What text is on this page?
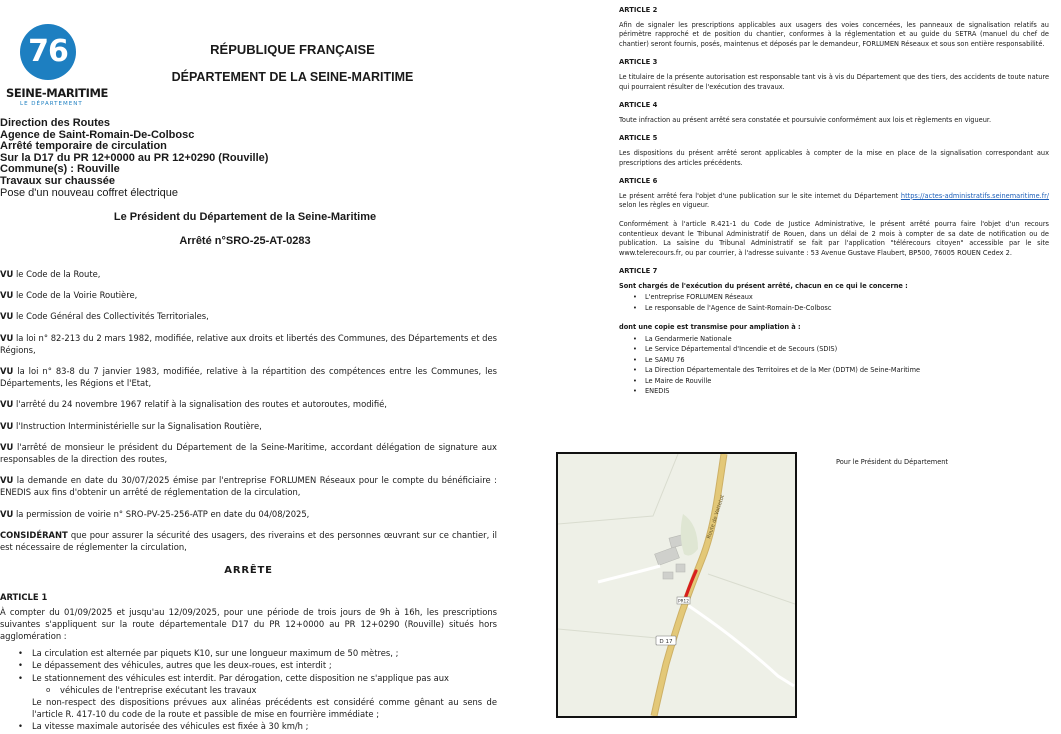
76
SEINE-MARITIME
LE DÉPARTEMENT
RÉPUBLIQUE FRANÇAISE
DÉPARTEMENT DE LA SEINE-MARITIME
Direction des Routes
Agence de Saint-Romain-De-Colbosc
Arrêté temporaire de circulation
Sur la D17 du PR 12+0000 au PR 12+0290 (Rouville)
Commune(s) : Rouville
Travaux sur chaussée
Pose d'un nouveau coffret électrique
Le Président du Département de la Seine-Maritime
Arrêté n°SRO-25-AT-0283

VU le Code de la Route,

VU le Code de la Voirie Routière,

VU le Code Général des Collectivités Territoriales,

VU la loi n° 82-213 du 2 mars 1982, modifiée, relative aux droits et libertés des Communes, des Départements et des Régions,

VU la loi n° 83-8 du 7 janvier 1983, modifiée, relative à la répartition des compétences entre les Communes, les Départements, les Régions et l'Etat,

VU l'arrêté du 24 novembre 1967 relatif à la signalisation des routes et autoroutes, modifié,

VU l'Instruction Interministérielle sur la Signalisation Routière,

VU l'arrêté de monsieur le président du Département de la Seine-Maritime, accordant délégation de signature aux responsables de la direction des routes,

VU la demande en date du 30/07/2025 émise par l'entreprise FORLUMEN Réseaux pour le compte du bénéficiaire : ENEDIS aux fins d'obtenir un arrêté de réglementation de la circulation,

VU la permission de voirie n° SRO-PV-25-256-ATP en date du 04/08/2025,

CONSIDÉRANT que pour assurer la sécurité des usagers, des riverains et des personnes œuvrant sur ce chantier, il est nécessaire de réglementer la circulation,

ARRÊTE
ARTICLE 1

À compter du 01/09/2025 et jusqu'au 12/09/2025, pour une période de trois jours de 9h à 16h, les prescriptions suivantes s'appliquent sur la route départementale D17 du PR 12+0000 au PR 12+0290 (Rouville) situés hors agglomération :

• La circulation est alternée par piquets K10, sur une longueur maximum de 50 mètres, ;
• Le dépassement des véhicules, autres que les deux-roues, est interdit ;
• Le stationnement des véhicules est interdit. Par dérogation, cette disposition ne s'applique pas aux
o véhicules de l'entreprise exécutant les travaux
Le non-respect des dispositions prévues aux alinéas précédents est considéré comme gênant au sens de l'article R. 417-10 du code de la route et passible de mise en fourrière immédiate ;
• La vitesse maximale autorisée des véhicules est fixée à 30 km/h ;
ARTICLE 2

Afin de signaler les prescriptions applicables aux usagers des voies concernées, les panneaux de signalisation relatifs au périmètre rapproché et de position du chantier, conformes à la réglementation et au guide du SETRA (manuel du chef de chantier) seront fournis, posés, maintenus et déposés par le demandeur, FORLUMEN Réseaux et sous son entière responsabilité.

ARTICLE 3

Le titulaire de la présente autorisation est responsable tant vis à vis du Département que des tiers, des accidents de toute nature qui pourraient résulter de l'exécution des travaux.

ARTICLE 4

Toute infraction au présent arrêté sera constatée et poursuivie conformément aux lois et règlements en vigueur.

ARTICLE 5

Les dispositions du présent arrêté seront applicables à compter de la mise en place de la signalisation correspondant aux prescriptions des articles précédents.

ARTICLE 6

Le présent arrêté fera l'objet d'une publication sur le site internet du Département https://actes-administratifs.seinemaritime.fr/ selon les règles en vigueur.

Conformément à l'article R.421-1 du Code de Justice Administrative, le présent arrêté pourra faire l'objet d'un recours contentieux devant le Tribunal Administratif de Rouen, dans un délai de 2 mois à compter de sa date de notification ou de publication. La saisine du Tribunal Administratif se fait par l'application "télérecours citoyen" accessible par le site www.telerecours.fr, ou par courrier, à l'adresse suivante : 53 Avenue Gustave Flaubert, BP500, 76005 ROUEN Cedex 2.

ARTICLE 7
Sont chargés de l'exécution du présent arrêté, chacun en ce qui le concerne :
• L'entreprise FORLUMEN Réseaux
• Le responsable de l'Agence de Saint-Romain-De-Colbosc
dont une copie est transmise pour ampliation à :
• La Gendarmerie Nationale
• Le Service Départemental d'Incendie et de Secours (SDIS)
• Le SAMU 76
• La Direction Départementale des Territoires et de la Mer (DDTM) de Seine-Maritime
• Le Maire de Rouville
• ENEDIS
Pour le Président du Département
PR12
Route de Vattetot
D 17
